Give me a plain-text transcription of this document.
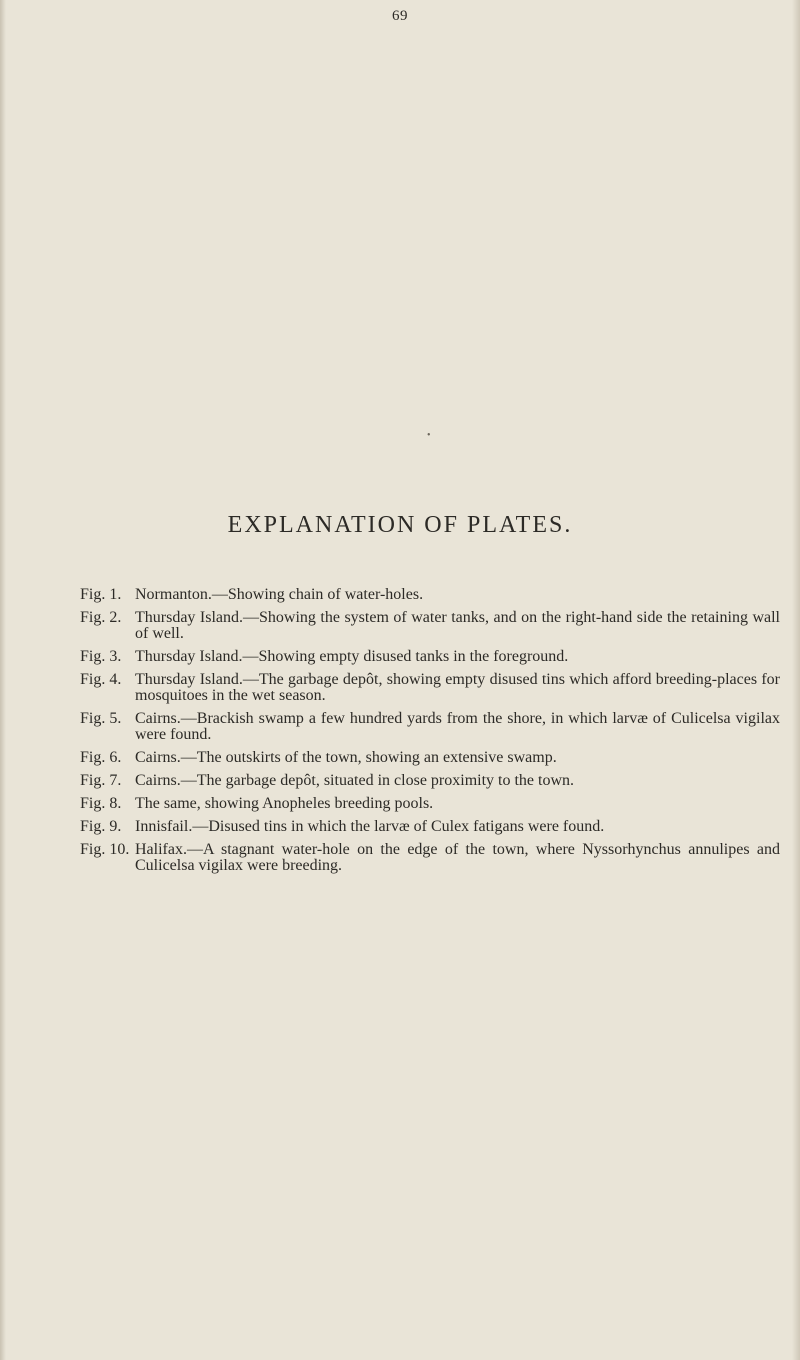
69
•
EXPLANATION OF PLATES.
Fig. 1. Normanton.—Showing chain of water-holes.
Fig. 2. Thursday Island.—Showing the system of water tanks, and on the right-hand side the retaining wall of well.
Fig. 3. Thursday Island.—Showing empty disused tanks in the foreground.
Fig. 4. Thursday Island.—The garbage depôt, showing empty disused tins which afford breeding-places for mosquitoes in the wet season.
Fig. 5. Cairns.—Brackish swamp a few hundred yards from the shore, in which larvæ of Culicelsa vigilax were found.
Fig. 6. Cairns.—The outskirts of the town, showing an extensive swamp.
Fig. 7. Cairns.—The garbage depôt, situated in close proximity to the town.
Fig. 8. The same, showing Anopheles breeding pools.
Fig. 9. Innisfail.—Disused tins in which the larvæ of Culex fatigans were found.
Fig. 10. Halifax.—A stagnant water-hole on the edge of the town, where Nyssorhynchus annulipes and Culicelsa vigilax were breeding.
